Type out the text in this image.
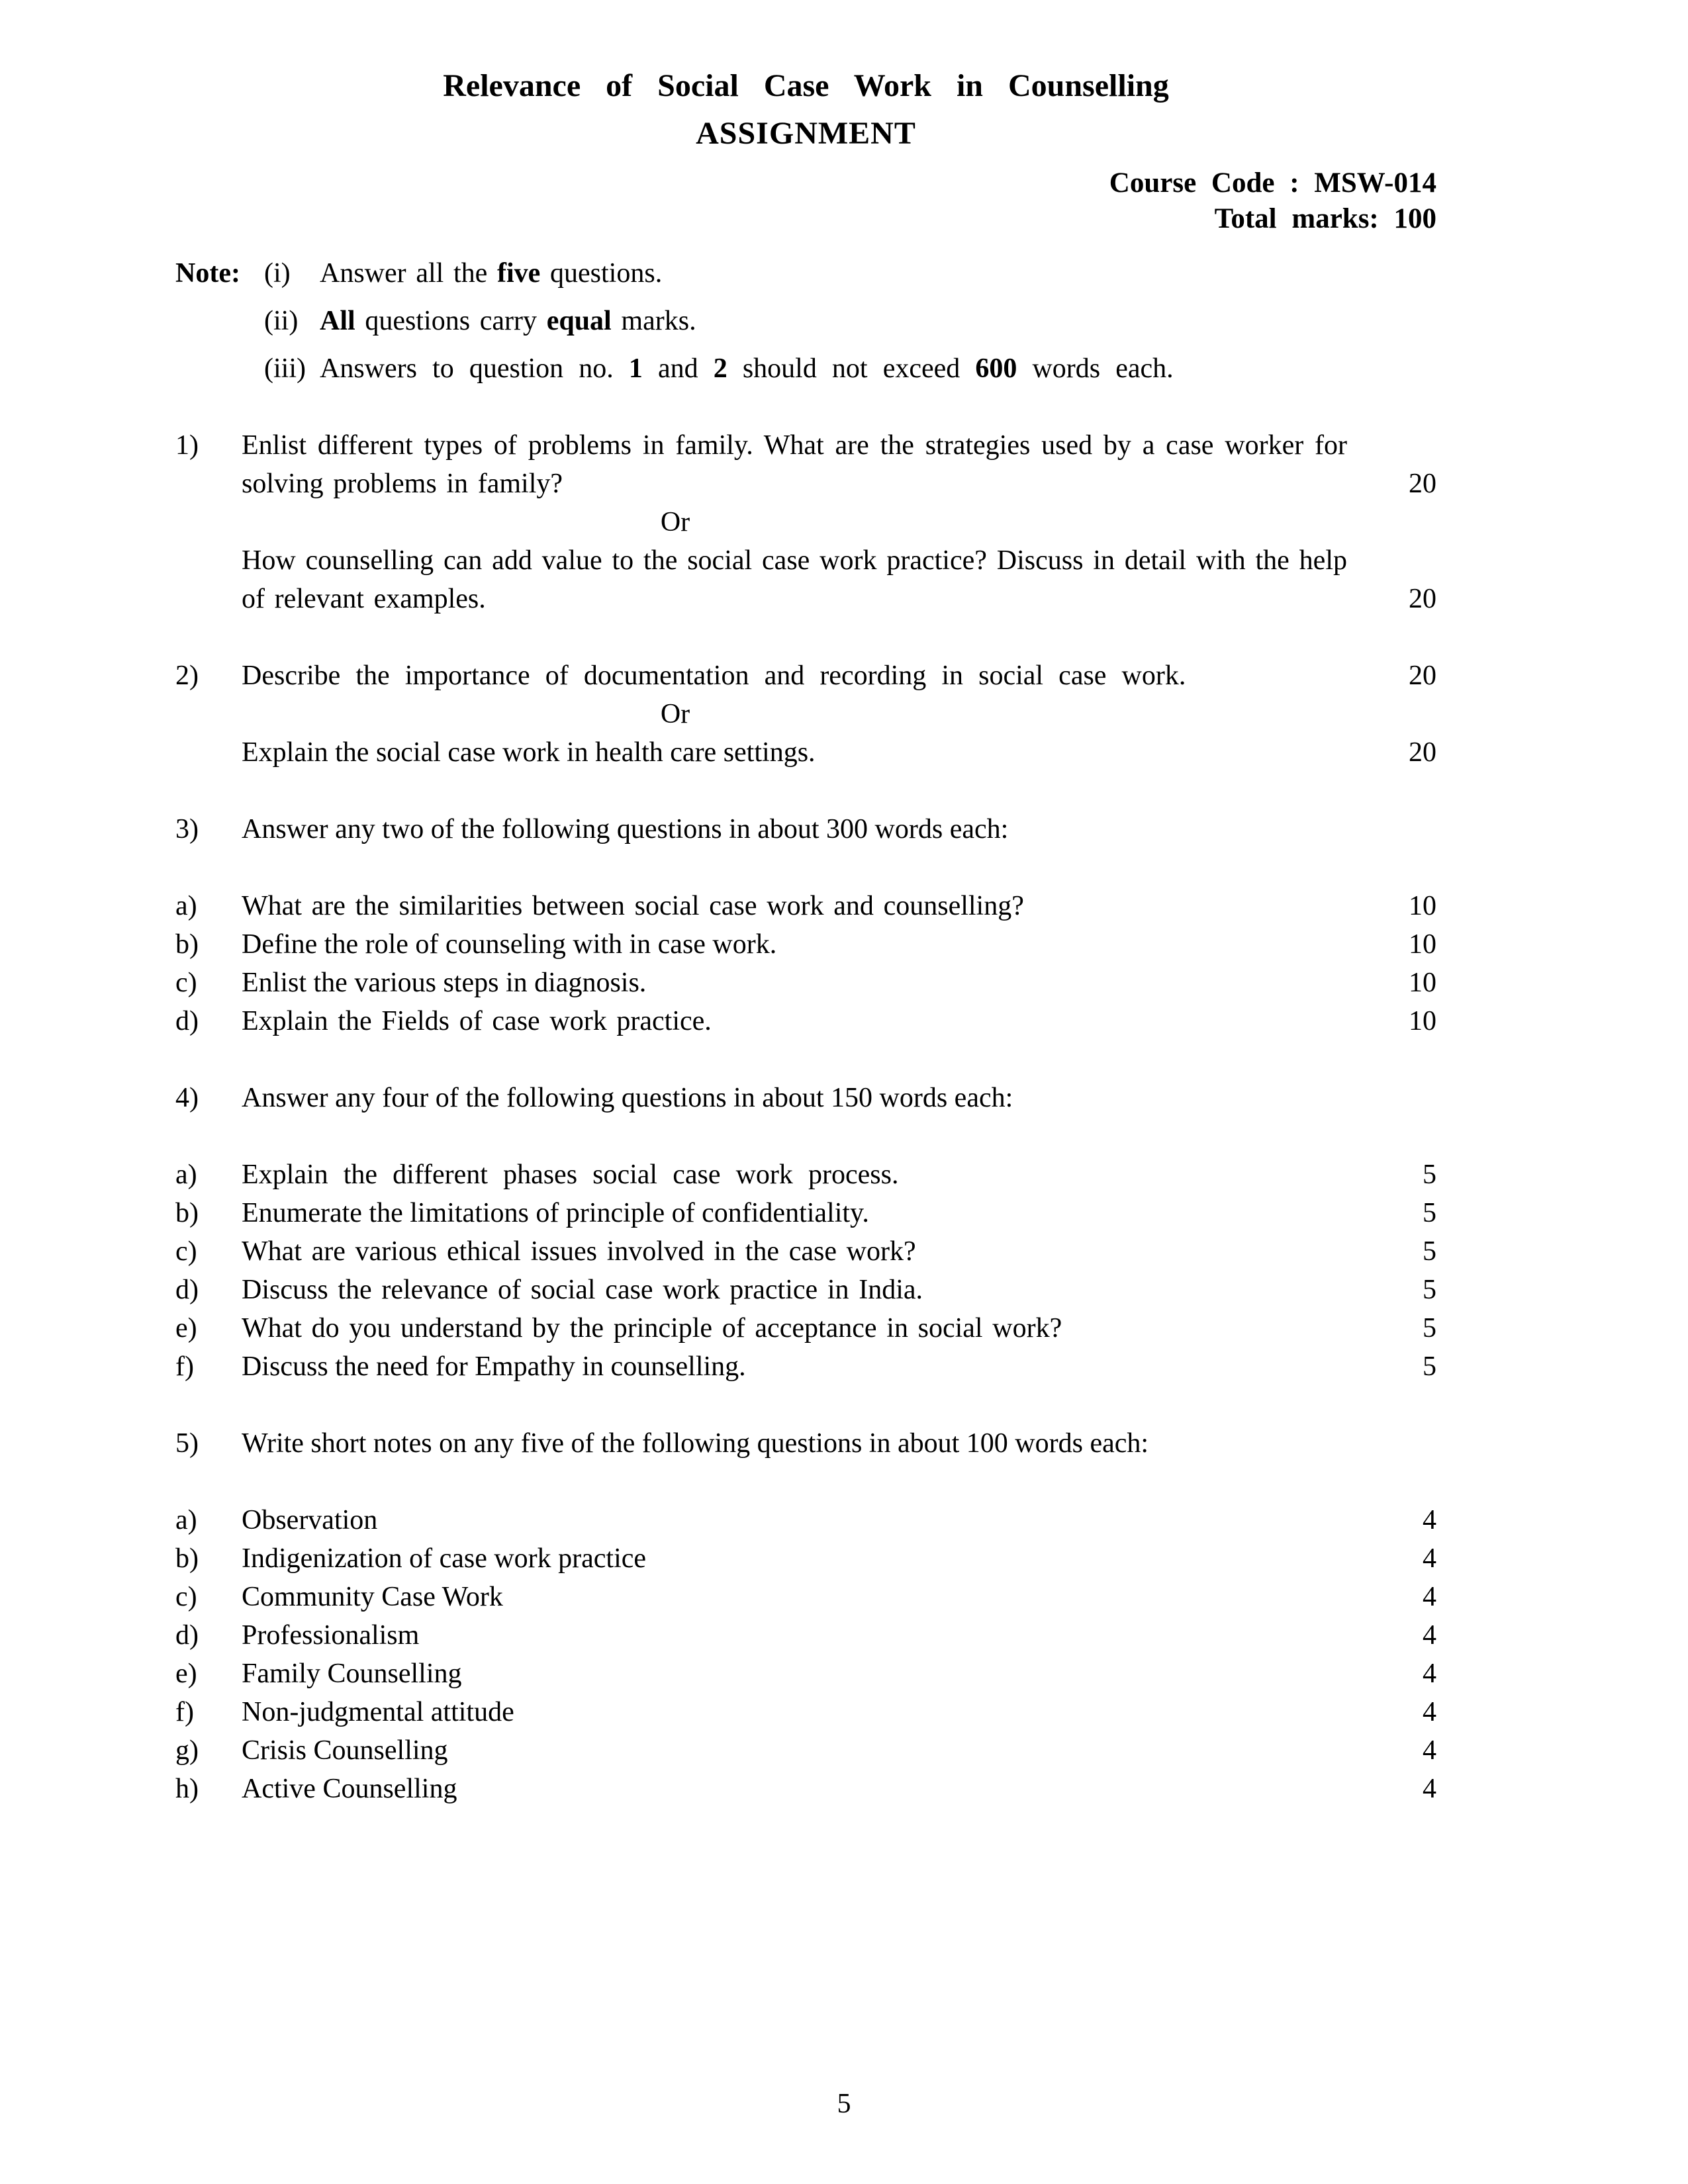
Relevance of Social Case Work in Counselling
ASSIGNMENT
Course Code : MSW-014
Total marks: 100
Note: (i)	Answer all the five questions.
(ii) All questions carry equal marks.
(iii) Answers to question no. 1 and 2 should not exceed 600 words each.
1)	Enlist different types of problems in family. What are the strategies used by a case worker for solving problems in family?	20
Or

How counselling can add value to the social case work practice? Discuss in detail with the help of relevant examples.	20
2)	Describe the importance of documentation and recording in social case work.	20
Or

Explain the social case work in health care settings.	20
3)	Answer any two of the following questions in about 300 words each:

a)	What are the similarities between social case work and counselling?	10
b)	Define the role of counseling with in case work.	10
c)	Enlist the various steps in diagnosis.	10
d)	Explain the Fields of case work practice.	10
4)	Answer any four of the following questions in about 150 words each:

a)	Explain the different phases social case work process.	5
b)	Enumerate the limitations of principle of confidentiality.	5
c)	What are various ethical issues involved in the case work?	5
d)	Discuss the relevance of social case work practice in India.	5
e)	What do you understand by the principle of acceptance in social work?	5
f)	Discuss the need for Empathy in counselling.	5
5)	Write short notes on any five of the following questions in about 100 words each:

a)	Observation	4
b)	Indigenization of case work practice	4
c)	Community Case Work	4
d)	Professionalism	4
e)	Family Counselling	4
f)	Non-judgmental attitude	4
g)	Crisis Counselling	4
h)	Active Counselling	4
5
